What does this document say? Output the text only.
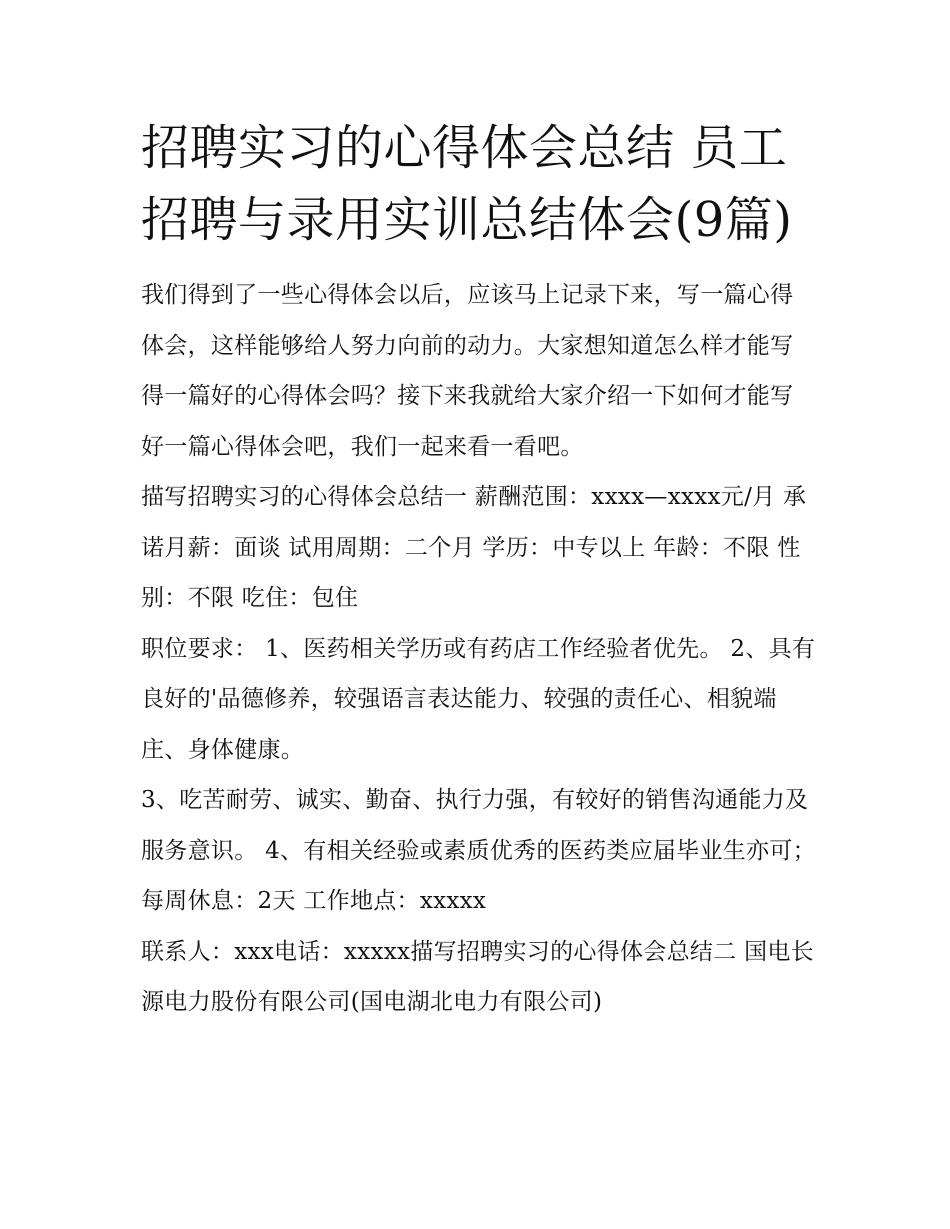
招聘实习的心得体会总结 员工招聘与录用实训总结体会(9篇)

我们得到了一些心得体会以后，应该马上记录下来，写一篇心得体会，这样能够给人努力向前的动力。大家想知道怎么样才能写得一篇好的心得体会吗？接下来我就给大家介绍一下如何才能写好一篇心得体会吧，我们一起来看一看吧。

描写招聘实习的心得体会总结一 薪酬范围：xxxx—xxxx元/月 承诺月薪：面谈 试用周期：二个月 学历：中专以上 年龄：不限 性别：不限 吃住：包住

职位要求： 1、医药相关学历或有药店工作经验者优先。 2、具有良好的'品德修养，较强语言表达能力、较强的责任心、相貌端庄、身体健康。

3、吃苦耐劳、诚实、勤奋、执行力强，有较好的销售沟通能力及服务意识。 4、有相关经验或素质优秀的医药类应届毕业生亦可； 每周休息：2天 工作地点：xxxxx

联系人：xxx电话：xxxxx描写招聘实习的心得体会总结二 国电长源电力股份有限公司(国电湖北电力有限公司)
